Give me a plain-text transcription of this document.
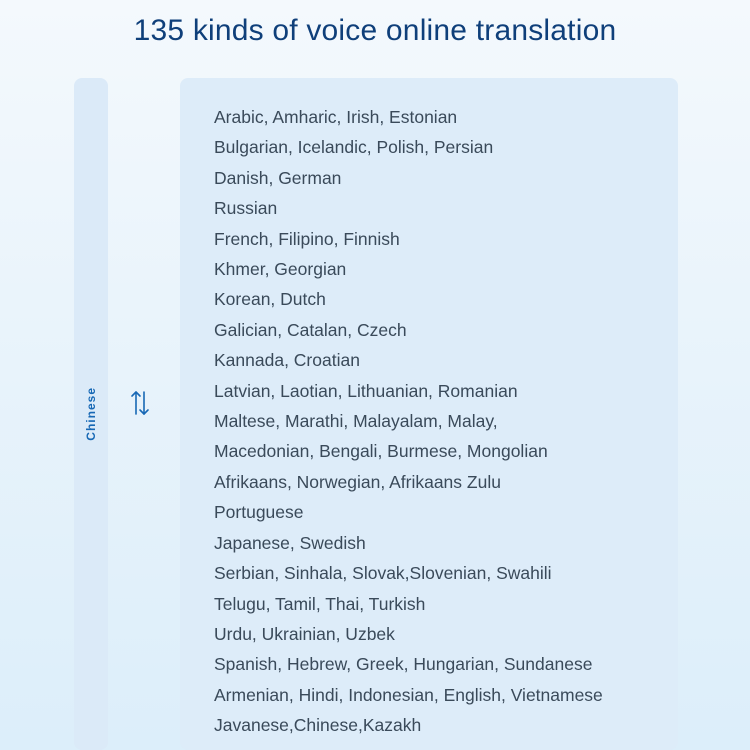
135 kinds of voice online translation
Chinese
Arabic, Amharic, Irish, Estonian
Bulgarian, Icelandic, Polish, Persian
Danish, German
Russian
French, Filipino, Finnish
Khmer, Georgian
Korean, Dutch
Galician, Catalan, Czech
Kannada, Croatian
Latvian, Laotian, Lithuanian, Romanian
Maltese, Marathi, Malayalam, Malay,
Macedonian, Bengali, Burmese, Mongolian
Afrikaans, Norwegian, Afrikaans Zulu
Portuguese
Japanese, Swedish
Serbian, Sinhala, Slovak,Slovenian, Swahili
Telugu, Tamil, Thai, Turkish
Urdu, Ukrainian, Uzbek
Spanish, Hebrew, Greek, Hungarian, Sundanese
Armenian, Hindi, Indonesian, English, Vietnamese
Javanese,Chinese,Kazakh
